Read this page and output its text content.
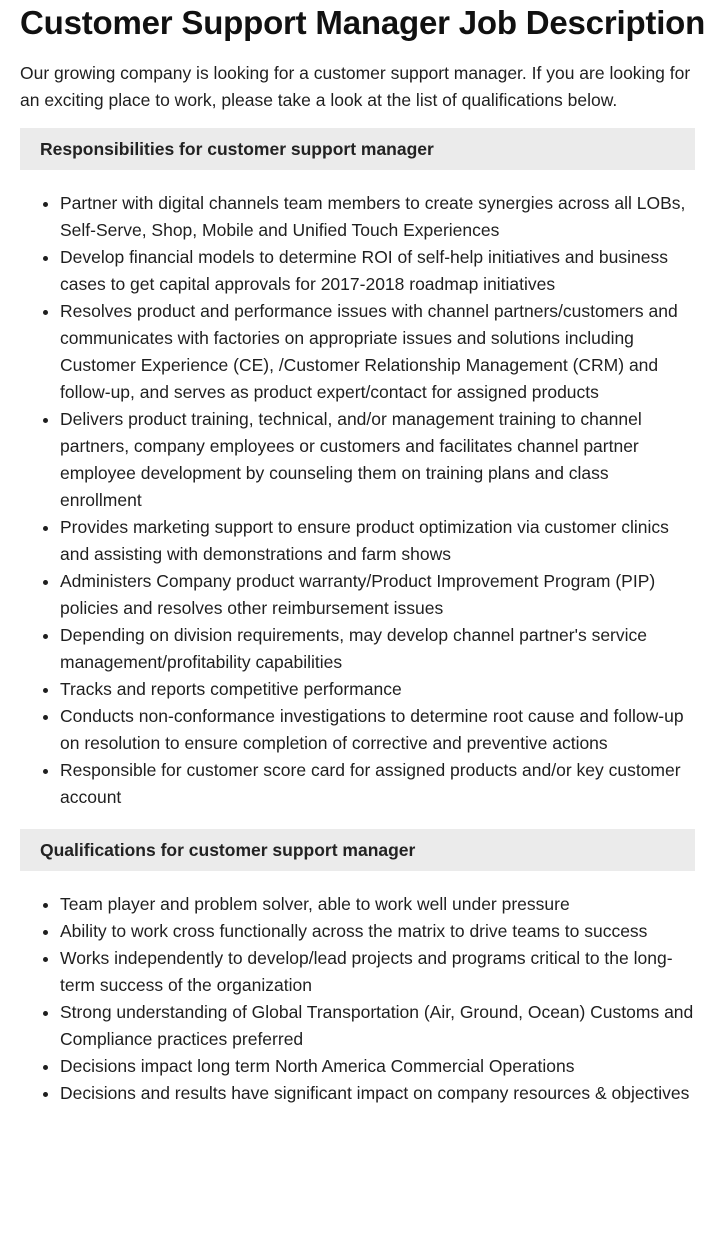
Customer Support Manager Job Description

Our growing company is looking for a customer support manager. If you are looking for an exciting place to work, please take a look at the list of qualifications below.

Responsibilities for customer support manager
• Partner with digital channels team members to create synergies across all LOBs, Self-Serve, Shop, Mobile and Unified Touch Experiences
• Develop financial models to determine ROI of self-help initiatives and business cases to get capital approvals for 2017-2018 roadmap initiatives
• Resolves product and performance issues with channel partners/customers and communicates with factories on appropriate issues and solutions including Customer Experience (CE), /Customer Relationship Management (CRM) and follow-up, and serves as product expert/contact for assigned products
• Delivers product training, technical, and/or management training to channel partners, company employees or customers and facilitates channel partner employee development by counseling them on training plans and class enrollment
• Provides marketing support to ensure product optimization via customer clinics and assisting with demonstrations and farm shows
• Administers Company product warranty/Product Improvement Program (PIP) policies and resolves other reimbursement issues
• Depending on division requirements, may develop channel partner's service management/profitability capabilities
• Tracks and reports competitive performance
• Conducts non-conformance investigations to determine root cause and follow-up on resolution to ensure completion of corrective and preventive actions
• Responsible for customer score card for assigned products and/or key customer account
Qualifications for customer support manager
• Team player and problem solver, able to work well under pressure
• Ability to work cross functionally across the matrix to drive teams to success
• Works independently to develop/lead projects and programs critical to the long-term success of the organization
• Strong understanding of Global Transportation (Air, Ground, Ocean) Customs and Compliance practices preferred
• Decisions impact long term North America Commercial Operations
• Decisions and results have significant impact on company resources & objectives
